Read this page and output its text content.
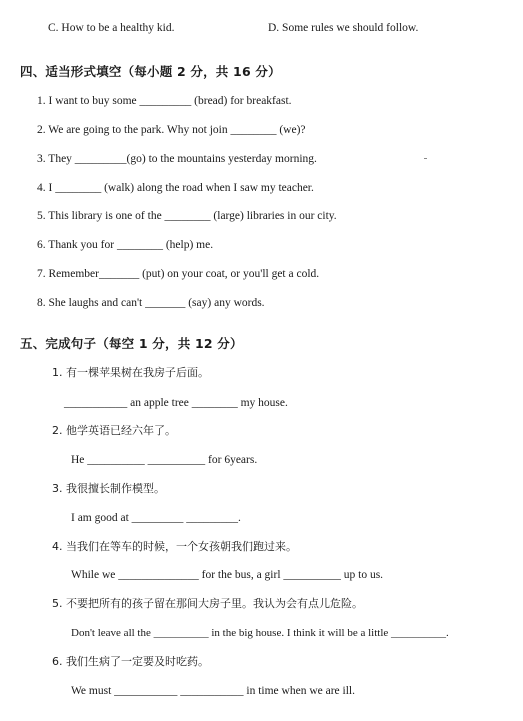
C. How to be a healthy kid.	D. Some rules we should follow.
四、适当形式填空（每小题 2 分，共 16 分）
1. I want to buy some _________ (bread) for breakfast.
2. We are going to the park. Why not join ________ (we)?
3. They _________(go) to the mountains yesterday morning.
4. I ________ (walk) along the road when I saw my teacher.
5. This library is one of the ________ (large) libraries in our city.
6. Thank you for ________ (help) me.
7. Remember_______ (put) on your coat, or you'll get a cold.
8. She laughs and can't _______ (say) any words.
五、完成句子（每空 1 分，共 12 分）
1. 有一棵苹果树在我房子后面。
___________ an apple tree ________ my house.
2. 他学英语已经六年了。
He __________ __________ for 6years.
3. 我很擅长制作模型。
I am good at _________ _________.
4. 当我们在等车的时候，一个女孩朝我们跑过来。
While we ______________ for the bus, a girl __________ up to us.
5. 不要把所有的孩子留在那间大房子里。我认为会有点儿危险。
Don't leave all the __________ in the big house. I think it will be a little __________.
6. 我们生病了一定要及时吃药。
We must ___________ ___________ in time when we are ill.
